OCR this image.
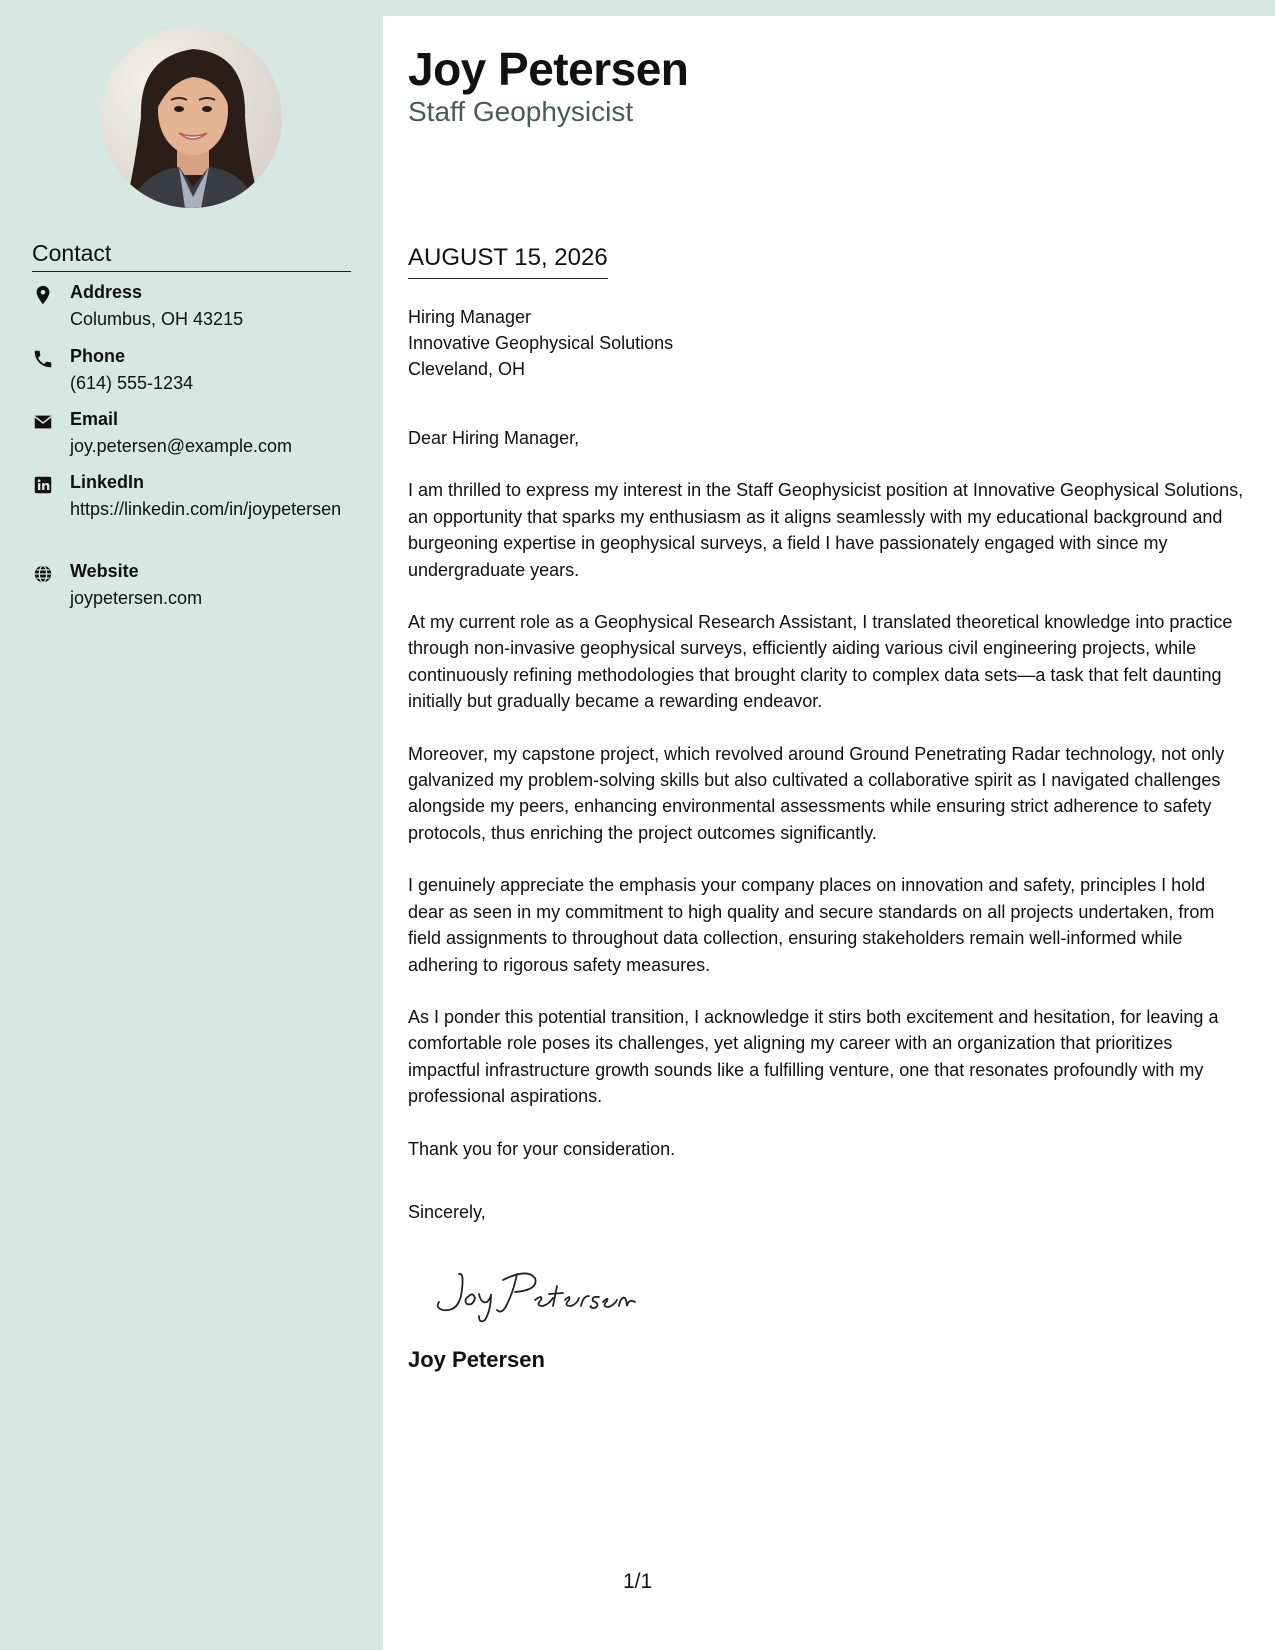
Contact
Address
Columbus, OH 43215
Phone
(614) 555-1234
Email
joy.petersen@example.com
LinkedIn
https://linkedin.com/in/joypetersen
Website
joypetersen.com
Joy Petersen
Staff Geophysicist
AUGUST 15, 2026
Hiring Manager
Innovative Geophysical Solutions
Cleveland, OH

Dear Hiring Manager,

I am thrilled to express my interest in the Staff Geophysicist position at Innovative Geophysical Solutions, an opportunity that sparks my enthusiasm as it aligns seamlessly with my educational background and burgeoning expertise in geophysical surveys, a field I have passionately engaged with since my undergraduate years.

At my current role as a Geophysical Research Assistant, I translated theoretical knowledge into practice through non-invasive geophysical surveys, efficiently aiding various civil engineering projects, while continuously refining methodologies that brought clarity to complex data sets—a task that felt daunting initially but gradually became a rewarding endeavor.

Moreover, my capstone project, which revolved around Ground Penetrating Radar technology, not only galvanized my problem-solving skills but also cultivated a collaborative spirit as I navigated challenges alongside my peers, enhancing environmental assessments while ensuring strict adherence to safety protocols, thus enriching the project outcomes significantly.

I genuinely appreciate the emphasis your company places on innovation and safety, principles I hold dear as seen in my commitment to high quality and secure standards on all projects undertaken, from field assignments to throughout data collection, ensuring stakeholders remain well-informed while adhering to rigorous safety measures.

As I ponder this potential transition, I acknowledge it stirs both excitement and hesitation, for leaving a comfortable role poses its challenges, yet aligning my career with an organization that prioritizes impactful infrastructure growth sounds like a fulfilling venture, one that resonates profoundly with my professional aspirations.

Thank you for your consideration.

Sincerely,
Joy Petersen
1/1
